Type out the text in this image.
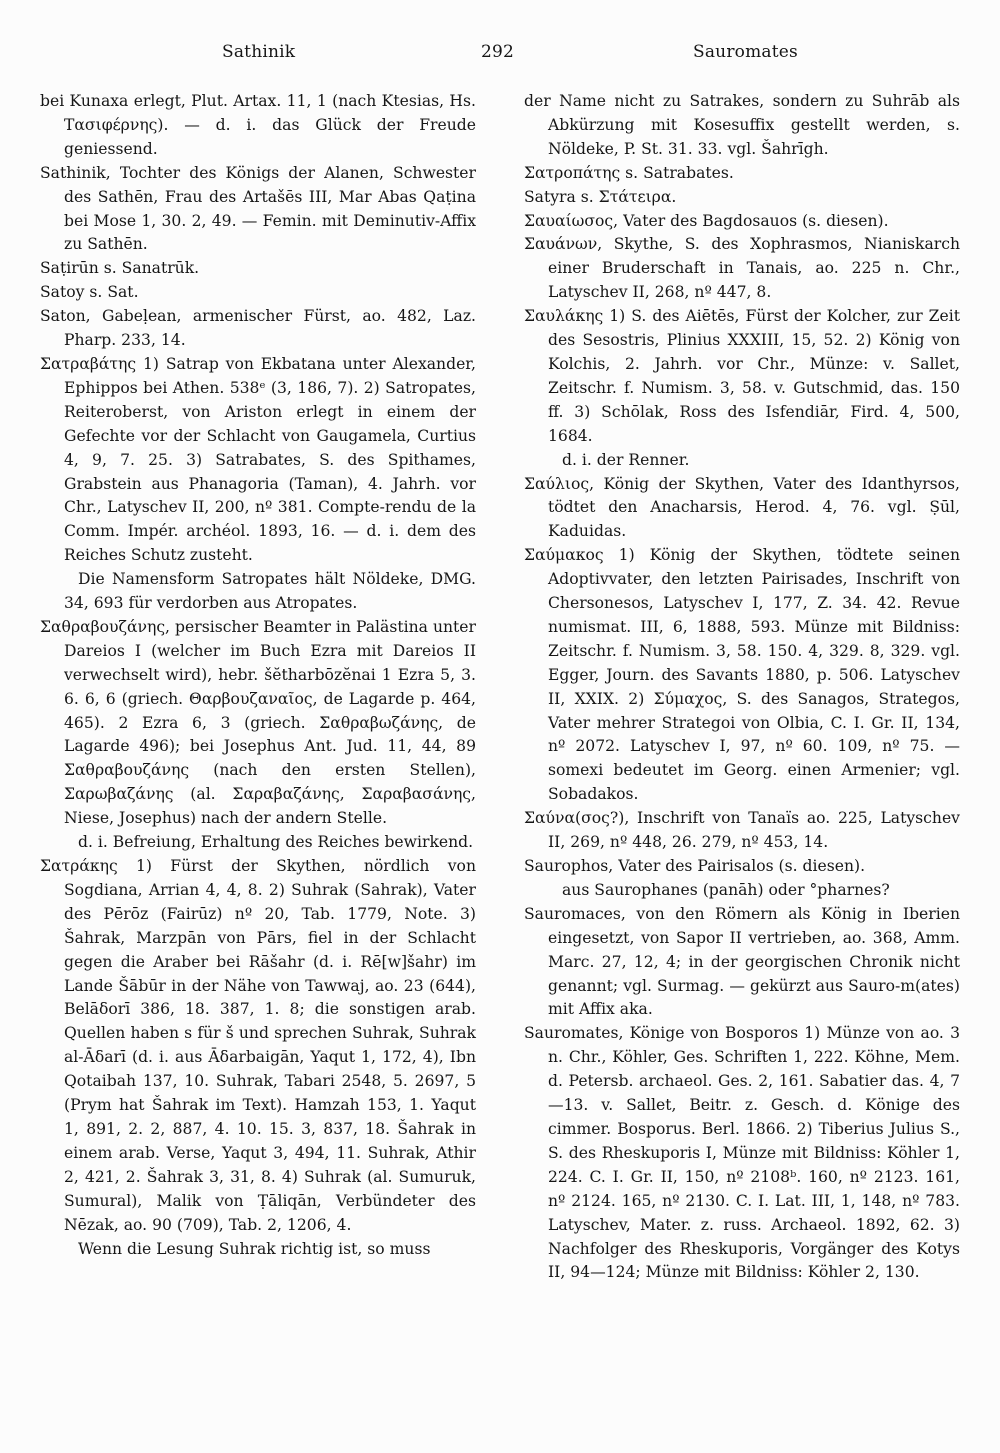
Sathinik	292	Sauromates

bei Kunaxa erlegt, Plut. Artax. 11, 1 (nach Ktesias, Hs. Τασιφέρνης). — d. i. das Glück der Freude geniessend.

Sathinik, Tochter des Königs der Alanen, Schwester des Sathēn, Frau des Artašēs III, Mar Abas Qaṭina bei Mose 1, 30. 2, 49. — Femin. mit Deminutiv-Affix zu Sathēn.

Saṭirūn s. Sanatrūk.

Satoy s. Sat.

Saton, Gabeḷean, armenischer Fürst, ao. 482, Laz. Pharp. 233, 14.

Σατραβάτης 1) Satrap von Ekbatana unter Alexander, Ephippos bei Athen. 538ᵉ (3, 186, 7). 2) Satropates, Reiteroberst, von Ariston erlegt in einem der Gefechte vor der Schlacht von Gaugamela, Curtius 4, 9, 7. 25. 3) Satrabates, S. des Spithames, Grabstein aus Phanagoria (Taman), 4. Jahrh. vor Chr., Latyschev II, 200, nº 381. Compte-rendu de la Comm. Impér. archéol. 1893, 16. — d. i. dem des Reiches Schutz zusteht.

Die Namensform Satropates hält Nöldeke, DMG. 34, 693 für verdorben aus Atropates.

Σαθραβουζάνης, persischer Beamter in Palästina unter Dareios I (welcher im Buch Ezra mit Dareios II verwechselt wird), hebr. šĕtharbōzĕnai 1 Ezra 5, 3. 6. 6, 6 (griech. Θαρβουζαναῖος, de Lagarde p. 464, 465). 2 Ezra 6, 3 (griech. Σαθραβωζάνης, de Lagarde 496); bei Josephus Ant. Jud. 11, 44, 89 Σαθραβουζάνης (nach den ersten Stellen), Σαρωβαζάνης (al. Σαραβαζάνης, Σαραβασάνης, Niese, Josephus) nach der andern Stelle.

d. i. Befreiung, Erhaltung des Reiches bewirkend.

Σατράκης 1) Fürst der Skythen, nördlich von Sogdiana, Arrian 4, 4, 8. 2) Suhrak (Sahrak), Vater des Pērōz (Fairūz) nº 20, Tab. 1779, Note. 3) Šahrak, Marzpān von Pārs, fiel in der Schlacht gegen die Araber bei Rāšahr (d. i. Rē[w]šahr) im Lande Šābūr in der Nähe von Tawwaj, ao. 23 (644), Belāδorī 386, 18. 387, 1. 8; die sonstigen arab. Quellen haben s für š und sprechen Suhrak, Suhrak al-Āδarī (d. i. aus Āδarbaigān, Yaqut 1, 172, 4), Ibn Qotaibah 137, 10. Suhrak, Tabari 2548, 5. 2697, 5 (Prym hat Šahrak im Text). Hamzah 153, 1. Yaqut 1, 891, 2. 2, 887, 4. 10. 15. 3, 837, 18. Šahrak in einem arab. Verse, Yaqut 3, 494, 11. Suhrak, Athir 2, 421, 2. Šahrak 3, 31, 8. 4) Suhrak (al. Sumuruk, Sumural), Malik von Ṭāliqān, Verbündeter des Nēzak, ao. 90 (709), Tab. 2, 1206, 4.

Wenn die Lesung Suhrak richtig ist, so muss

der Name nicht zu Satrakes, sondern zu Suhrāb als Abkürzung mit Kosesuffix gestellt werden, s. Nöldeke, P. St. 31. 33. vgl. Šahrīgh.

Σατροπάτης s. Satrabates.

Satyra s. Στάτειρα.

Σαυαίωσος, Vater des Bagdosauos (s. diesen).

Σαυάνων, Skythe, S. des Xophrasmos, Nianiskarch einer Bruderschaft in Tanais, ao. 225 n. Chr., Latyschev II, 268, nº 447, 8.

Σαυλάκης 1) S. des Aiētēs, Fürst der Kolcher, zur Zeit des Sesostris, Plinius XXXIII, 15, 52. 2) König von Kolchis, 2. Jahrh. vor Chr., Münze: v. Sallet, Zeitschr. f. Numism. 3, 58. v. Gutschmid, das. 150 ff. 3) Schōlak, Ross des Isfendiār, Fird. 4, 500, 1684.

d. i. der Renner.

Σαύλιος, König der Skythen, Vater des Idanthyrsos, tödtet den Anacharsis, Herod. 4, 76. vgl. Ṣūl, Kaduidas.

Σαύμακος 1) König der Skythen, tödtete seinen Adoptivvater, den letzten Pairisades, Inschrift von Chersonesos, Latyschev I, 177, Z. 34. 42. Revue numismat. III, 6, 1888, 593. Münze mit Bildniss: Zeitschr. f. Numism. 3, 58. 150. 4, 329. 8, 329. vgl. Egger, Journ. des Savants 1880, p. 506. Latyschev II, XXIX. 2) Σύμαχος, S. des Sanagos, Strategos, Vater mehrer Strategoi von Olbia, C. I. Gr. II, 134, nº 2072. Latyschev I, 97, nº 60. 109, nº 75. — somexi bedeutet im Georg. einen Armenier; vgl. Sobadakos.

Σαύνα(σος?), Inschrift von Tanaïs ao. 225, Latyschev II, 269, nº 448, 26. 279, nº 453, 14.

Saurophos, Vater des Pairisalos (s. diesen).

aus Saurophanes (panāh) oder °pharnes?

Sauromaces, von den Römern als König in Iberien eingesetzt, von Sapor II vertrieben, ao. 368, Amm. Marc. 27, 12, 4; in der georgischen Chronik nicht genannt; vgl. Surmag. — gekürzt aus Sauro-m(ates) mit Affix aka.

Sauromates, Könige von Bosporos 1) Münze von ao. 3 n. Chr., Köhler, Ges. Schriften 1, 222. Köhne, Mem. d. Petersb. archaeol. Ges. 2, 161. Sabatier das. 4, 7—13. v. Sallet, Beitr. z. Gesch. d. Könige des cimmer. Bosporus. Berl. 1866. 2) Tiberius Julius S., S. des Rheskuporis I, Münze mit Bildniss: Köhler 1, 224. C. I. Gr. II, 150, nº 2108ᵇ. 160, nº 2123. 161, nº 2124. 165, nº 2130. C. I. Lat. III, 1, 148, nº 783. Latyschev, Mater. z. russ. Archaeol. 1892, 62. 3) Nachfolger des Rheskuporis, Vorgänger des Kotys II, 94—124; Münze mit Bildniss: Köhler 2, 130.
